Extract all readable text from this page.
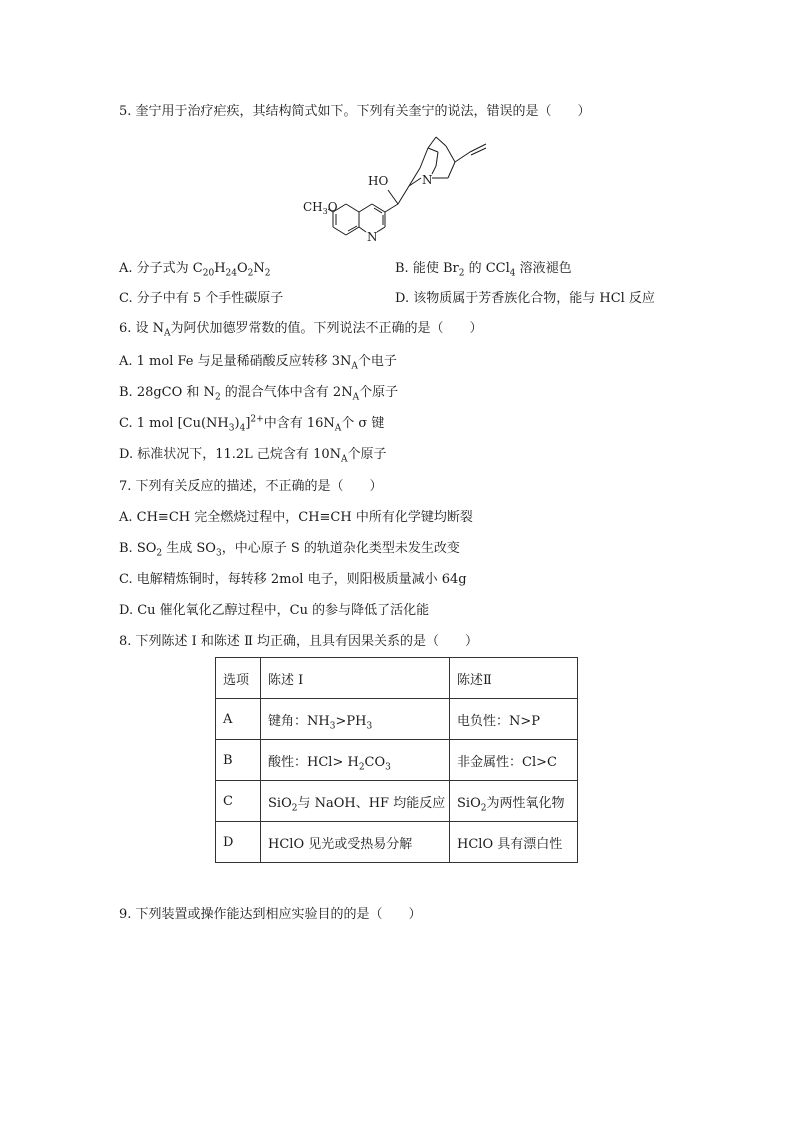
5. 奎宁用于治疗疟疾，其结构简式如下。下列有关奎宁的说法，错误的是（　　）
HO	N
N
$CH_3O$
A. 分子式为 $C_{20}H_{24}O_2N_2$	B. 能使 $Br_2$ 的 CCl$_4$ 溶液褪色
C. 分子中有 5 个手性碳原子	D. 该物质属于芳香族化合物，能与 HCl 反应
6. 设 $N_A$为阿伏加德罗常数的值。下列说法不正确的是（　　）
A. 1 mol Fe 与足量稀硝酸反应转移 $3N_A$个电子
B. 28gCO 和 $N_2$ 的混合气体中含有 $2N_A$个原子
C. 1 mol $[Cu(NH_3)_4]^{2+}$中含有 $16N_A$个 σ 键
D. 标准状况下，11.2L 己烷含有 $10N_A$个原子
7. 下列有关反应的描述，不正确的是（　　）
A. CH≡CH 完全燃烧过程中，CH≡CH 中所有化学键均断裂
B. $SO_2$ 生成 $SO_3$，中心原子 S 的轨道杂化类型未发生改变
C. 电解精炼铜时，每转移 2mol 电子，则阳极质量减小 64g
D. Cu 催化氧化乙醇过程中，Cu 的参与降低了活化能
8. 下列陈述 I 和陈述 Ⅱ 均正确，且具有因果关系的是（　　）
选项	陈述 I	陈述Ⅱ
A	键角：$NH_3>PH_3$	电负性：N>P
B	酸性：$HCl> H_2CO_3$	非金属性：Cl>C
C	SiO$_2$与 NaOH、HF 均能反应	SiO$_2$为两性氧化物
D	HClO 见光或受热易分解	HClO 具有漂白性
9. 下列装置或操作能达到相应实验目的的是（　　）
